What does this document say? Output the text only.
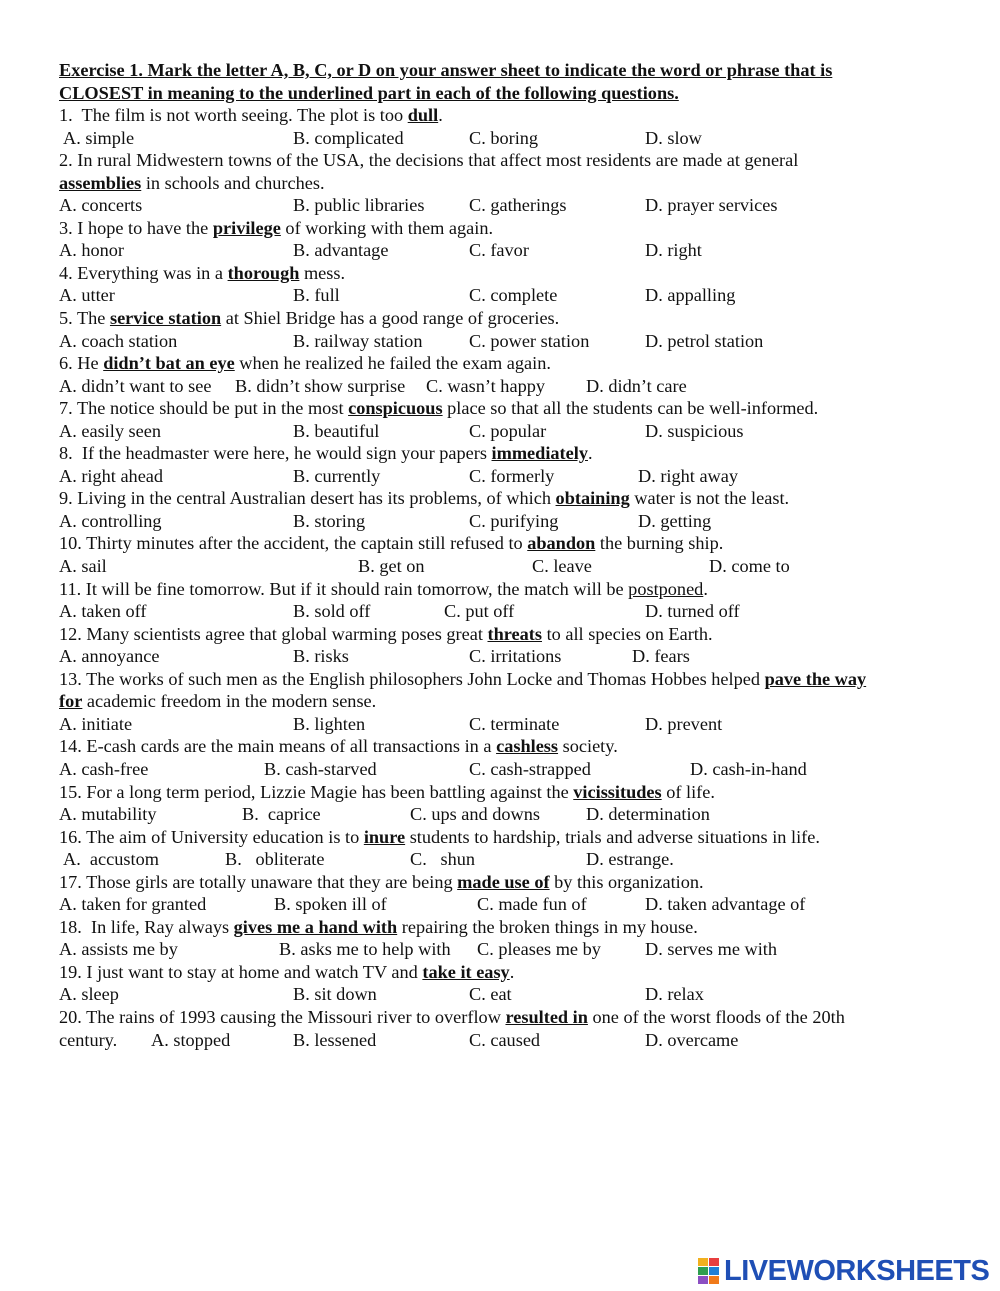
Exercise 1. Mark the letter A, B, C, or D on your answer sheet to indicate the word or phrase that is
CLOSEST in meaning to the underlined part in each of the following questions.
1.  The film is not worth seeing. The plot is too dull.

A. simple

	B. complicated

	C. boring

	D. slow

2. In rural Midwestern towns of the USA, the decisions that affect most residents are made at general
assemblies in schools and churches.

A. concerts

	B. public libraries

C. gatherings

	D. prayer services

3. I hope to have the privilege of working with them again.

A. honor

	B. advantage

	C. favor

	D. right

4. Everything was in a thorough mess.

A. utter

	B. full

	C. complete

	D. appalling

5. The service station at Shiel Bridge has a good range of groceries.

A. coach station

	B. railway station

	C. power station

	D. petrol station

6. He didn’t bat an eye when he realized he failed the exam again.

A. didn’t want to see

B. didn’t show surprise

C. wasn’t happy

D. didn’t care

7. The notice should be put in the most conspicuous place so that all the students can be well-informed.

A. easily seen

	B. beautiful

	C. popular

	D. suspicious

8.  If the headmaster were here, he would sign your papers immediately.

A. right ahead

	B. currently

	C. formerly

	D. right away

9. Living in the central Australian desert has its problems, of which obtaining water is not the least.

A. controlling

	B. storing

	C. purifying

	D. getting

10. Thirty minutes after the accident, the captain still refused to abandon the burning ship.

A. sail

	B. get on

	C. leave

	D. come to

11. It will be fine tomorrow. But if it should rain tomorrow, the match will be postponed.

A. taken off

	B. sold off

	C. put off

	D. turned off

12. Many scientists agree that global warming poses great threats to all species on Earth.

A. annoyance

	B. risks

	C. irritations

	D. fears

13. The works of such men as the English philosophers John Locke and Thomas Hobbes helped pave the way
for academic freedom in the modern sense.

A. initiate

	B. lighten

	C. terminate

	D. prevent

14. E-cash cards are the main means of all transactions in a cashless society.

A. cash-free

	B. cash-starved

	C. cash-strapped

	D. cash-in-hand

15. For a long term period, Lizzie Magie has been battling against the vicissitudes of life.

A. mutability

	B.  caprice

	C. ups and downs

	D. determination

16. The aim of University education is to inure students to hardship, trials and adverse situations in life.

A.  accustom

	B.   obliterate

	C.   shun

	D. estrange.

17. Those girls are totally unaware that they are being made use of by this organization.

A. taken for granted

	B. spoken ill of

	C. made fun of

	D. taken advantage of

18.  In life, Ray always gives me a hand with repairing the broken things in my house.

A. assists me by

	B. asks me to help with

C. pleases me by

D. serves me with

19. I just want to stay at home and watch TV and take it easy.

A. sleep

	B. sit down

	C. eat

	D. relax

20. The rains of 1993 causing the Missouri river to overflow resulted in one of the worst floods of the 20th

century.

A. stopped

	B. lessened

	C. caused

	D. overcame

LIVEWORKSHEETS
